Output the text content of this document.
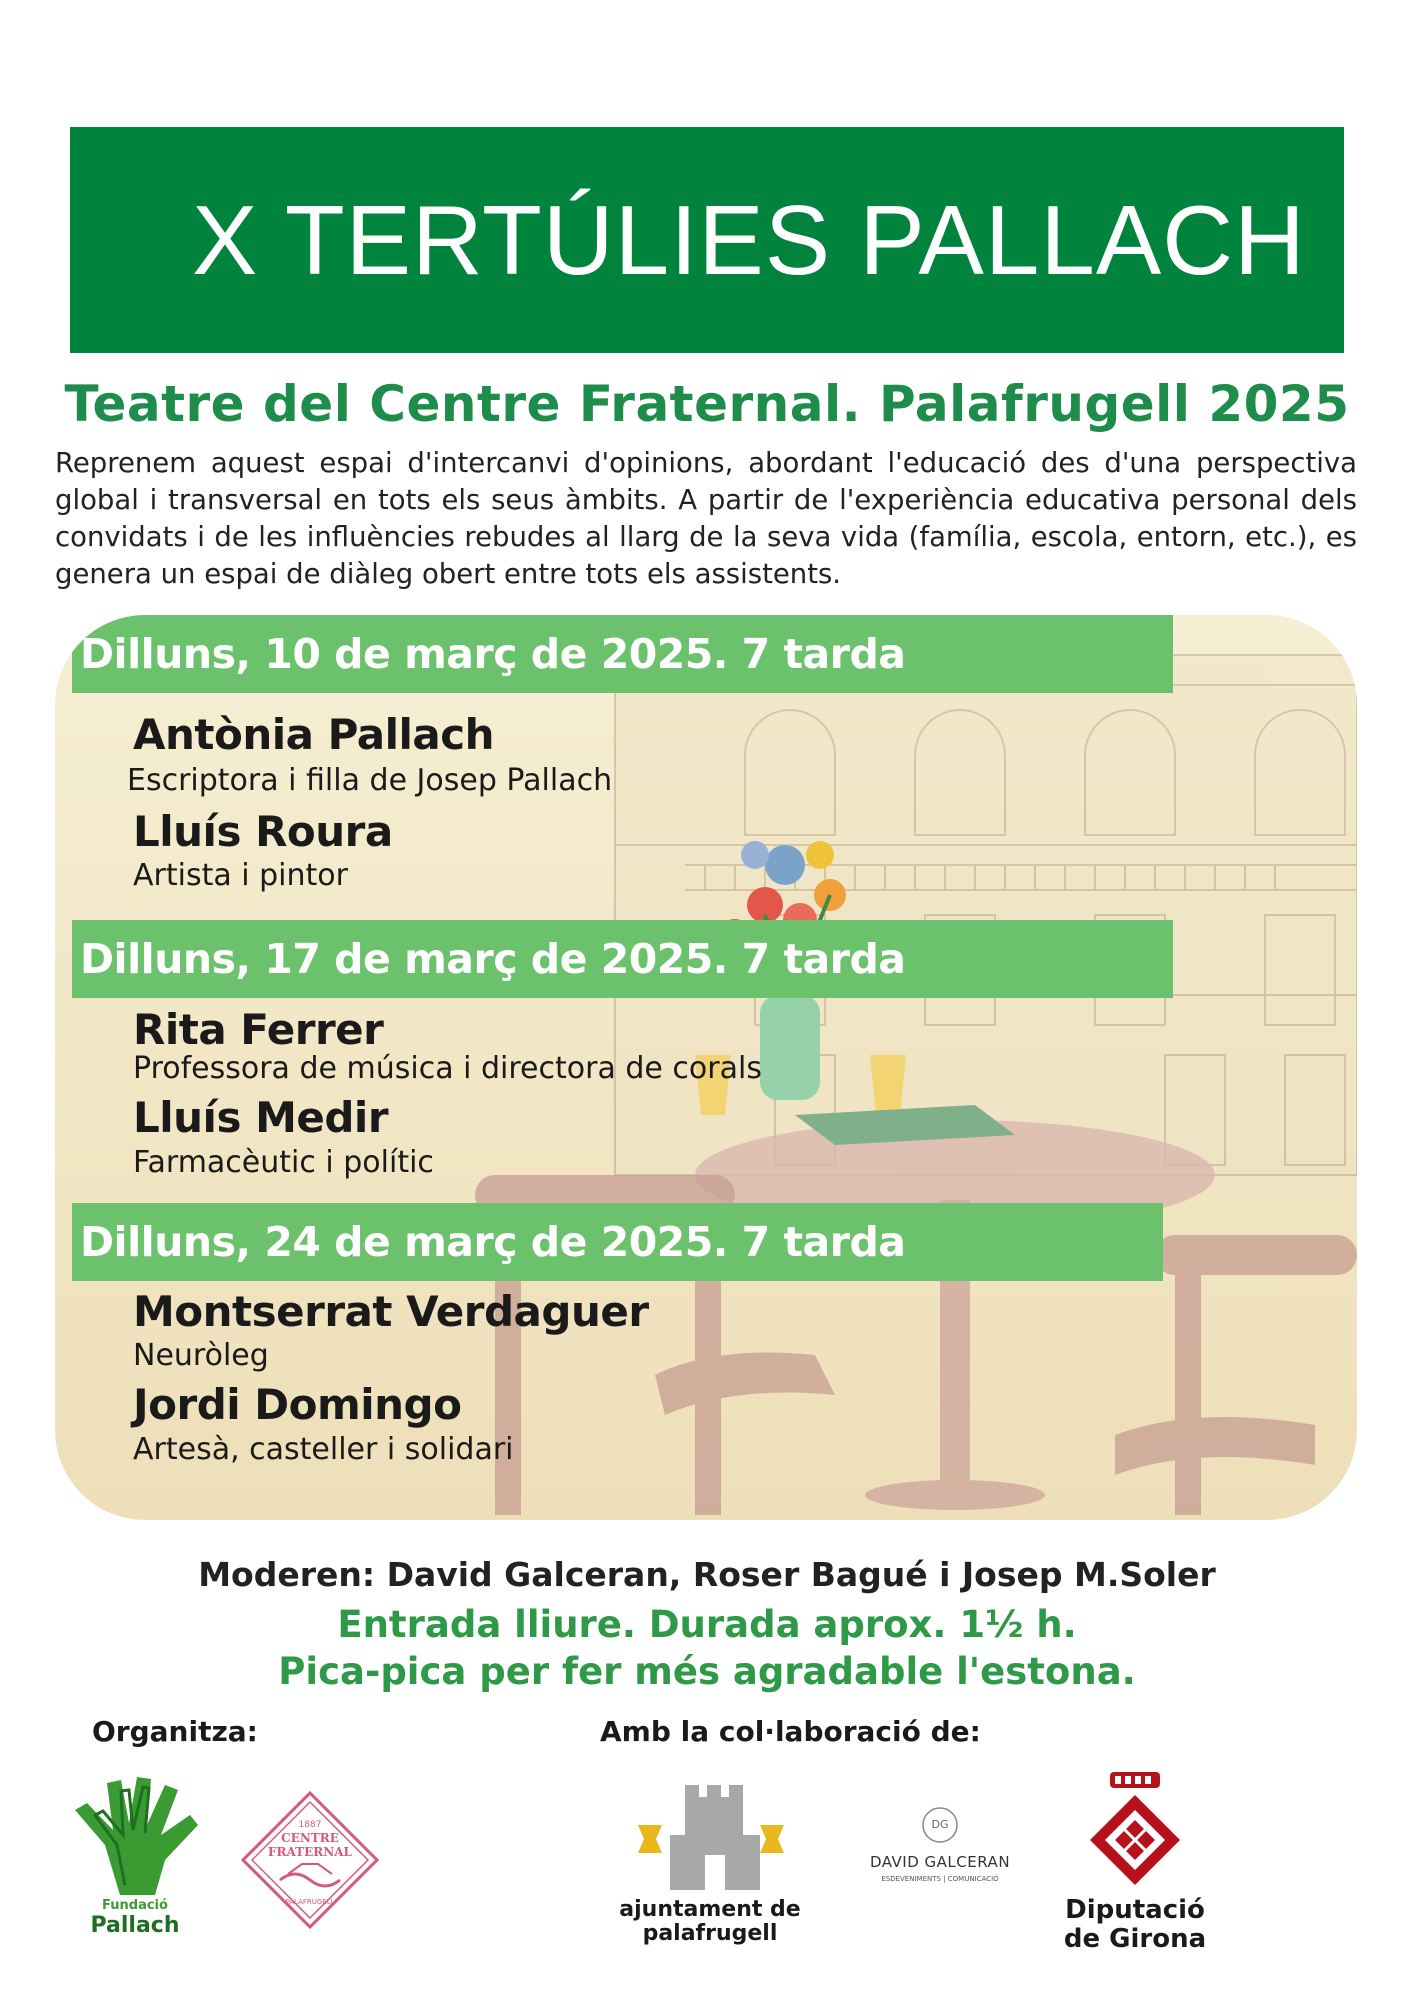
X TERTÚLIES PALLACH

Teatre del Centre Fraternal. Palafrugell 2025

Reprenem aquest espai d'intercanvi d'opinions, abordant l'educació des d'una perspectiva global i transversal en tots els seus àmbits. A partir de l'experiència educativa personal dels convidats i de les influències rebudes al llarg de la seva vida (família, escola, entorn, etc.), es genera un espai de diàleg obert entre tots els assistents.

Dilluns, 10 de març de 2025. 7 tarda

Antònia Pallach

Escriptora i filla de Josep Pallach

Lluís Roura

Artista i pintor

Dilluns, 17 de març de 2025. 7 tarda

Rita Ferrer

Professora de música i directora de corals

Lluís Medir

Farmacèutic i polític

Dilluns, 24 de març de 2025. 7 tarda

Montserrat Verdaguer

Neuròleg

Jordi Domingo

Artesà, casteller i solidari

Moderen: David Galceran, Roser Bagué i Josep M.Soler

Entrada lliure. Durada aprox. 1½ h.

Pica-pica per fer més agradable l'estona.

Organitza:	Amb la col·laboració de:

Fundació

Pallach

1887

CENTRE

FRATERNAL

PALAFRUGELL	ajuntament de

palafrugell

DG

DAVID GALCERAN

ESDEVENIMENTS | COMUNICACIÓ

Diputació

de Girona
